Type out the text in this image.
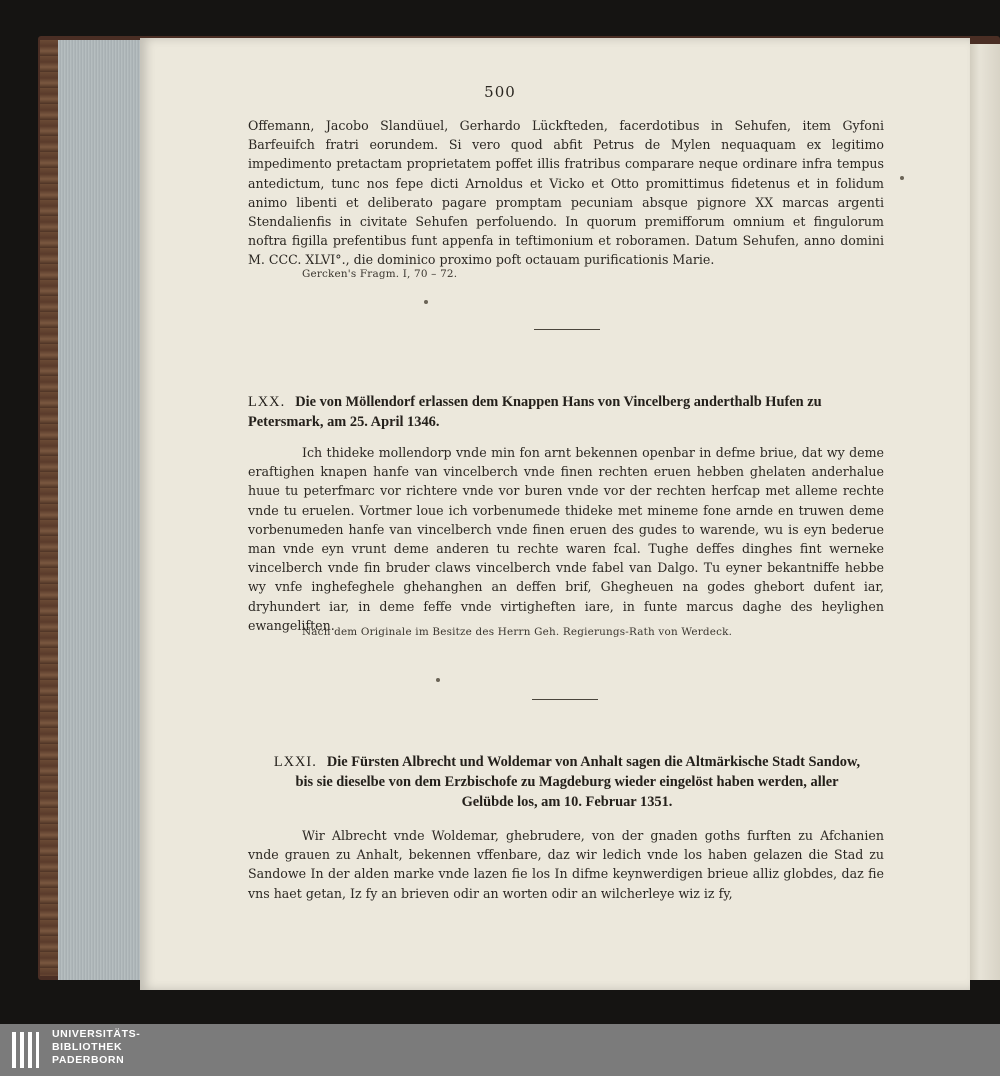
500

Offemann, Jacobo Slandüuel, Gerhardo Lückfteden, facerdotibus in Sehufen, item Gyfoni Barfeuifch fratri eorundem. Si vero quod abfit Petrus de Mylen nequaquam ex legitimo impedimento pretactam proprietatem poffet illis fratribus comparare neque ordinare infra tempus antedictum, tunc nos fepe dicti Arnoldus et Vicko et Otto promittimus fidetenus et in folidum animo libenti et deliberato pagare promptam pecuniam absque pignore XX marcas argenti Stendalienfis in civitate Sehufen perfoluendo. In quorum premifforum omnium et fingulorum noftra figilla prefentibus funt appenfa in teftimonium et roboramen. Datum Sehufen, anno domini M. CCC. XLVI°., die dominico proximo poft octauam purificationis Marie.

Gercken's Fragm. I, 70 – 72.
LXX. Die von Möllendorf erlassen dem Knappen Hans von Vincelberg anderthalb Hufen zu Petersmark, am 25. April 1346.

Ich thideke mollendorp vnde min fon arnt bekennen openbar in defme briue, dat wy deme eraftighen knapen hanfe van vincelberch vnde finen rechten eruen hebben ghelaten anderhalue huue tu peterfmarc vor richtere vnde vor buren vnde vor der rechten herfcap met alleme rechte vnde tu eruelen. Vortmer loue ich vorbenumede thideke met mineme fone arnde en truwen deme vorbenumeden hanfe van vincelberch vnde finen eruen des gudes to warende, wu is eyn bederue man vnde eyn vrunt deme anderen tu rechte waren fcal. Tughe deffes dinghes fint werneke vincelberch vnde fin bruder claws vincelberch vnde fabel van Dalgo. Tu eyner bekantniffe hebbe wy vnfe inghefeghele ghehanghen an deffen brif, Ghegheuen na godes ghebort dufent iar, dryhundert iar, in deme feffe vnde virtigheften iare, in funte marcus daghe des heylighen ewangeliften.

Nach dem Originale im Besitze des Herrn Geh. Regierungs-Rath von Werdeck.
LXXI. Die Fürsten Albrecht und Woldemar von Anhalt sagen die Altmärkische Stadt Sandow, bis sie dieselbe von dem Erzbischofe zu Magdeburg wieder eingelöst haben werden, aller Gelübde los, am 10. Februar 1351.

Wir Albrecht vnde Woldemar, ghebrudere, von der gnaden goths furften zu Afchanien vnde grauen zu Anhalt, bekennen vffenbare, daz wir ledich vnde los haben gelazen die Stad zu Sandowe In der alden marke vnde lazen fie los In difme keynwerdigen brieue alliz globdes, daz fie vns haet getan, Iz fy an brieven odir an worten odir an wilcherleye wiz iz fy,

UNIVERSITÄTS-
BIBLIOTHEK
PADERBORN
